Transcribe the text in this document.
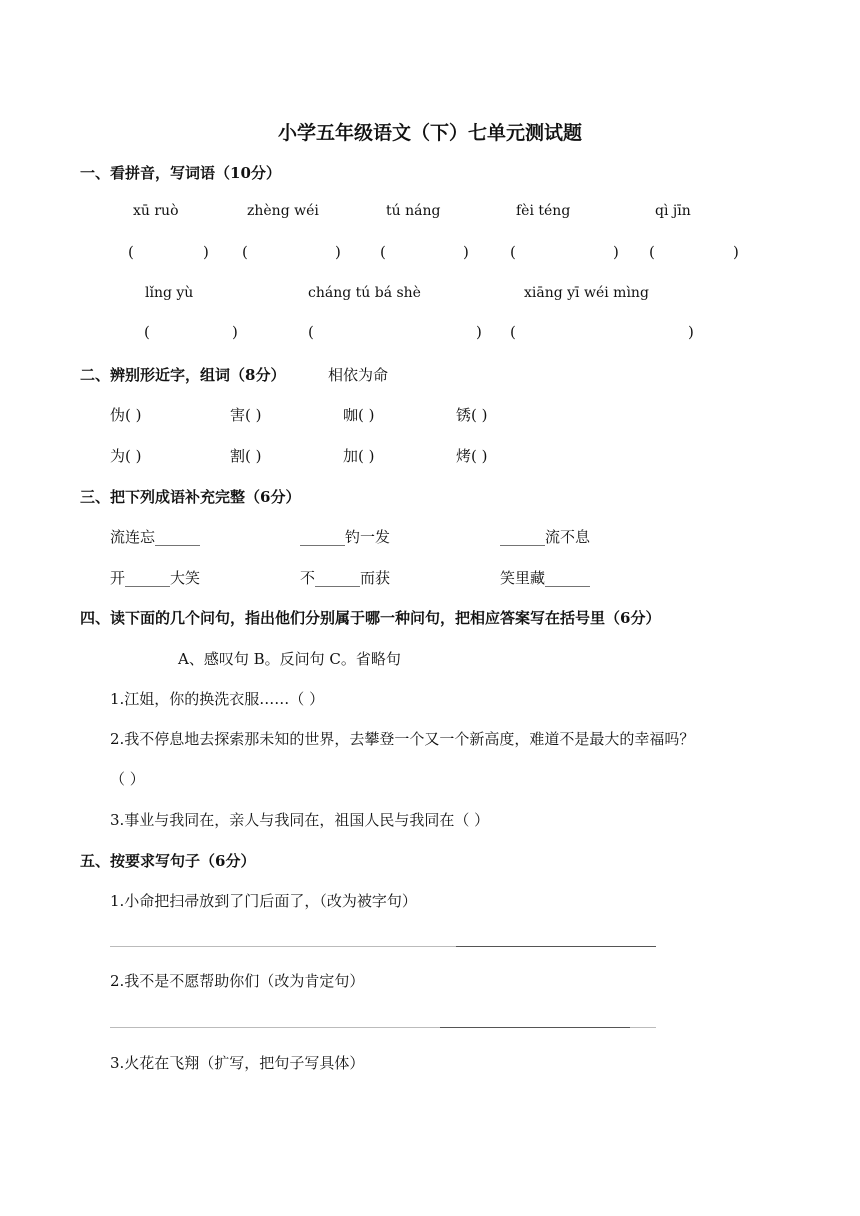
小学五年级语文（下）七单元测试题
一、看拼音，写词语（10分）
xū ruò	zhèng wéi	tú náng	fèi téng	qì jīn
(	) (	)	(	)	(	) (	)
lǐng yù	cháng tú bá shè	xiāng yī wéi mìng
(	)	(	) (	)
二、辨别形近字，组词（8分）	相依为命
伪( )	害( )	咖( )	锈( )
为( )	割( )	加( )	烤( )
三、把下列成语补充完整（6分）
流连忘______	______钓一发	______流不息
开______大笑	不______而获	笑里藏______
四、读下面的几个问句，指出他们分别属于哪一种问句，把相应答案写在括号里（6分）
A、感叹句 B。反问句 C。省略句
1.江姐，你的换洗衣服……（ ）
2.我不停息地去探索那未知的世界，去攀登一个又一个新高度，难道不是最大的幸福吗？
（ ）
3.事业与我同在，亲人与我同在，祖国人民与我同在（ ）
五、按要求写句子（6分）
1.小命把扫帚放到了门后面了，（改为被字句）
2.我不是不愿帮助你们（改为肯定句）
3.火花在飞翔（扩写，把句子写具体）
